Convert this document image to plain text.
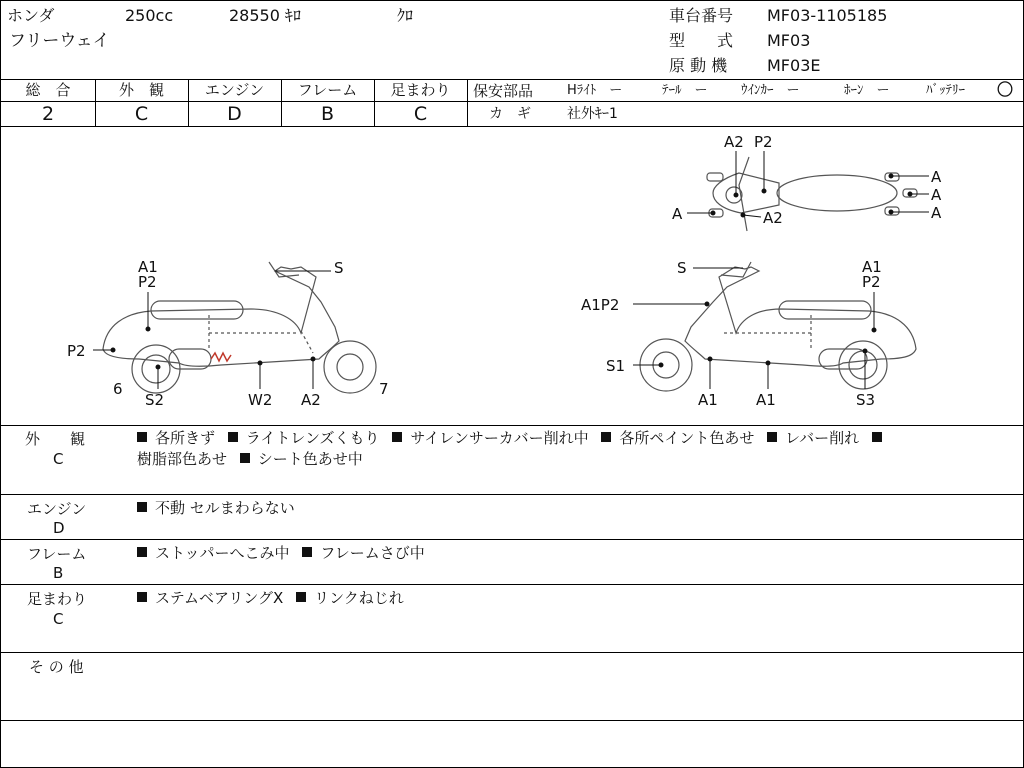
ホンダ	250cc	28550 ｷﾛ	ｸﾛ
フリーウェイ
車台番号 MF03-1105185
型　　式 MF03
原 動 機 MF03E
総　合	外　観	エンジン	フレーム	足まわり
2	C	D	B	C
保安部品	Hﾗｲﾄ　ー	ﾃｰﾙ　ー	ｳｲﾝｶｰ　ー	ﾎｰﾝ　ー	ﾊﾞｯﾃﾘｰ 〇
カ　ギ	社外ｷｰ1
A1
P2
S
P2
6
S2	W2 A2
7
S	A1
P2
A1P2
S1
A1	A1	S3
A2 P2
A	A2
A
A
A
外　　観
C
各所きず ライトレンズくもり サイレンサーカバー削れ中 各所ペイント色あせ レバー削れ
樹脂部色あせ シート色あせ中
エンジン
D
不動 セルまわらない
フレーム
B
ストッパーへこみ中 フレームさび中
足まわり
C
ステムベアリングX リンクねじれ
そ の 他
